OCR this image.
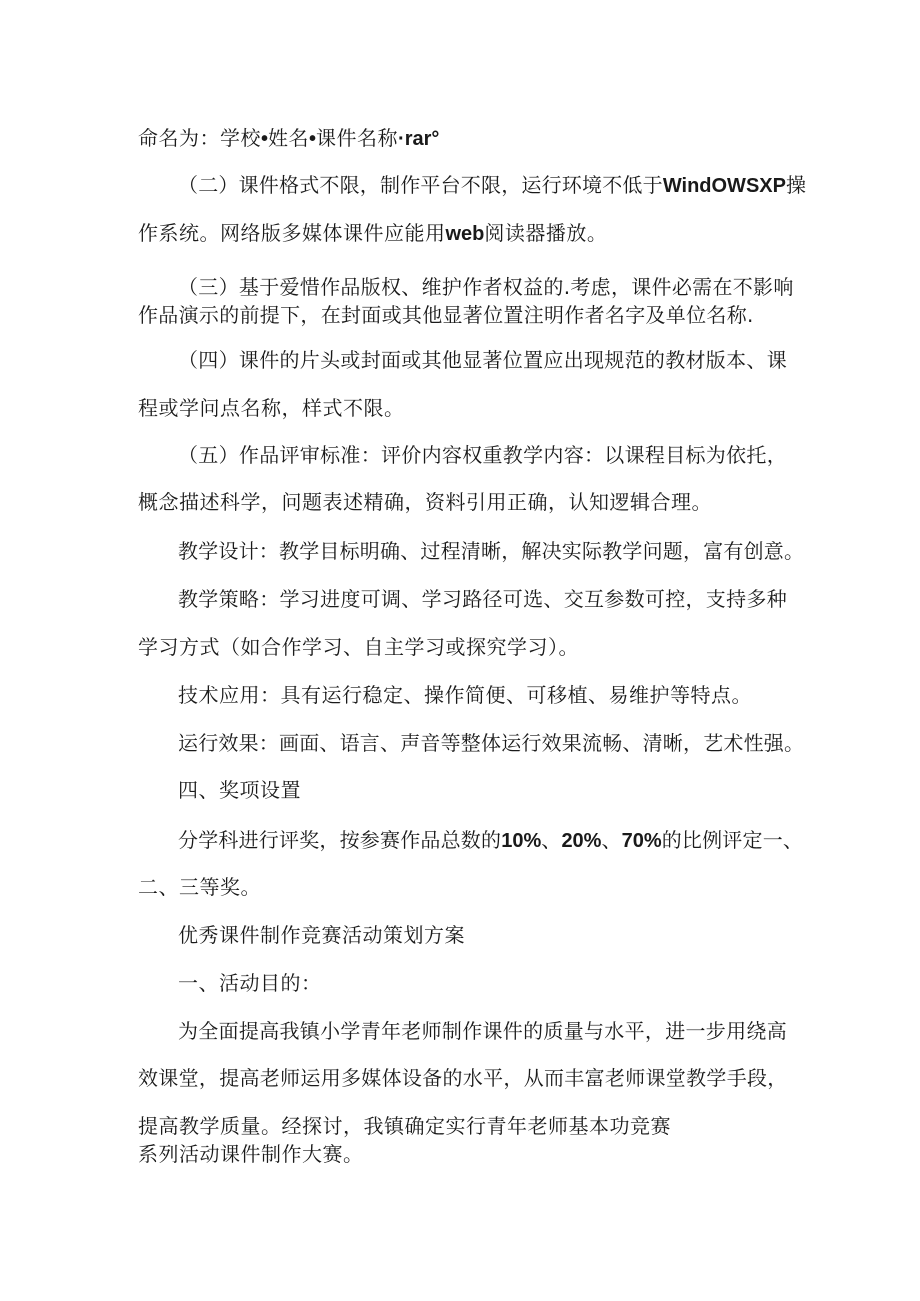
命名为：学校•姓名•课件名称·rar°
（二）课件格式不限，制作平台不限，运行环境不低于WindOWSXP操
作系统。网络版多媒体课件应能用web阅读器播放。
（三）基于爱惜作品版权、维护作者权益的.考虑，课件必需在不影响
作品演示的前提下，在封面或其他显著位置注明作者名字及单位名称.
（四）课件的片头或封面或其他显著位置应出现规范的教材版本、课
程或学问点名称，样式不限。
（五）作品评审标准：评价内容权重教学内容：以课程目标为依托，
概念描述科学，问题表述精确，资料引用正确，认知逻辑合理。
教学设计：教学目标明确、过程清晰，解决实际教学问题，富有创意。
教学策略：学习进度可调、学习路径可选、交互参数可控，支持多种
学习方式（如合作学习、自主学习或探究学习）。
技术应用：具有运行稳定、操作简便、可移植、易维护等特点。
运行效果：画面、语言、声音等整体运行效果流畅、清晰，艺术性强。
四、奖项设置
分学科进行评奖，按参赛作品总数的10%、20%、70%的比例评定一、
二、三等奖。
优秀课件制作竞赛活动策划方案
一、活动目的：
为全面提高我镇小学青年老师制作课件的质量与水平，进一步用绕高
效课堂，提高老师运用多媒体设备的水平，从而丰富老师课堂教学手段，
提高教学质量。经探讨，我镇确定实行青年老师基本功竞赛
系列活动课件制作大赛。
